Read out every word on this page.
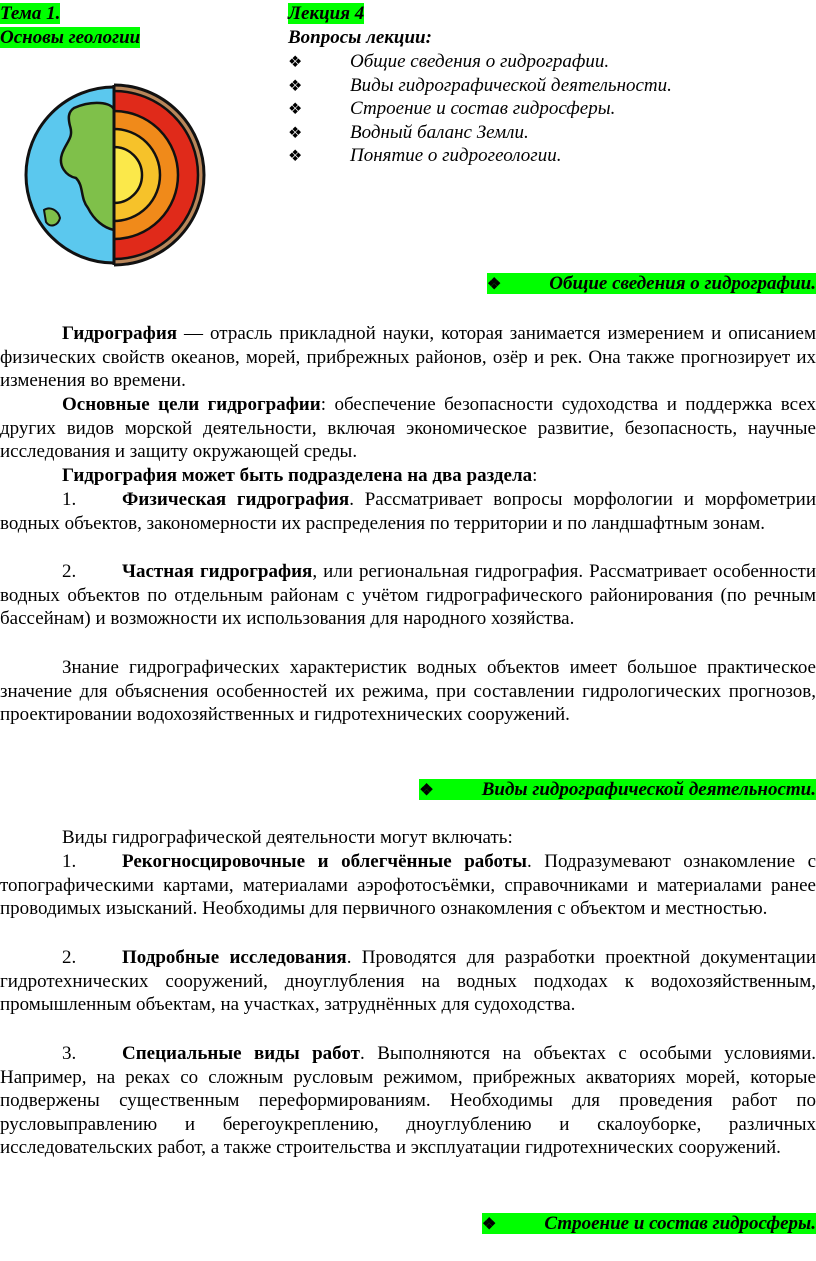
Тема 1.
Основы геологии
Лекция 4
Вопросы лекции:
❖	Общие сведения о гидрографии.
❖	Виды гидрографической деятельности.
❖	Строение и состав гидросферы.
❖	Водный баланс Земли.
❖	Понятие о гидрогеологии.
❖	Общие сведения о гидрографии.

Гидрография — отрасль прикладной науки, которая занимается измерением и описанием физических свойств океанов, морей, прибрежных районов, озёр и рек. Она также прогнозирует их изменения во времени.

Основные цели гидрографии: обеспечение безопасности судоходства и поддержка всех других видов морской деятельности, включая экономическое развитие, безопасность, научные исследования и защиту окружающей среды.

Гидрография может быть подразделена на два раздела:

1. Физическая гидрография. Рассматривает вопросы морфологии и морфометрии водных объектов, закономерности их распределения по территории и по ландшафтным зонам.

2. Частная гидрография, или региональная гидрография. Рассматривает особенности водных объектов по отдельным районам с учётом гидрографического районирования (по речным бассейнам) и возможности их использования для народного хозяйства.

Знание гидрографических характеристик водных объектов имеет большое практическое значение для объяснения особенностей их режима, при составлении гидрологических прогнозов, проектировании водохозяйственных и гидротехнических сооружений.

❖	Виды гидрографической деятельности.

Виды гидрографической деятельности могут включать:

1. Рекогносцировочные и облегчённые работы. Подразумевают ознакомление с топографическими картами, материалами аэрофотосъёмки, справочниками и материалами ранее проводимых изысканий. Необходимы для первичного ознакомления с объектом и местностью.

2. Подробные исследования. Проводятся для разработки проектной документации гидротехнических сооружений, дноуглубления на водных подходах к водохозяйственным, промышленным объектам, на участках, затруднённых для судоходства.

3. Специальные виды работ. Выполняются на объектах с особыми условиями. Например, на реках со сложным русловым режимом, прибрежных акваториях морей, которые подвержены существенным переформированиям. Необходимы для проведения работ по русловыправлению и берегоукреплению, дноуглублению и скалоуборке, различных исследовательских работ, а также строительства и эксплуатации гидротехнических сооружений.

❖	Строение и состав гидросферы.
